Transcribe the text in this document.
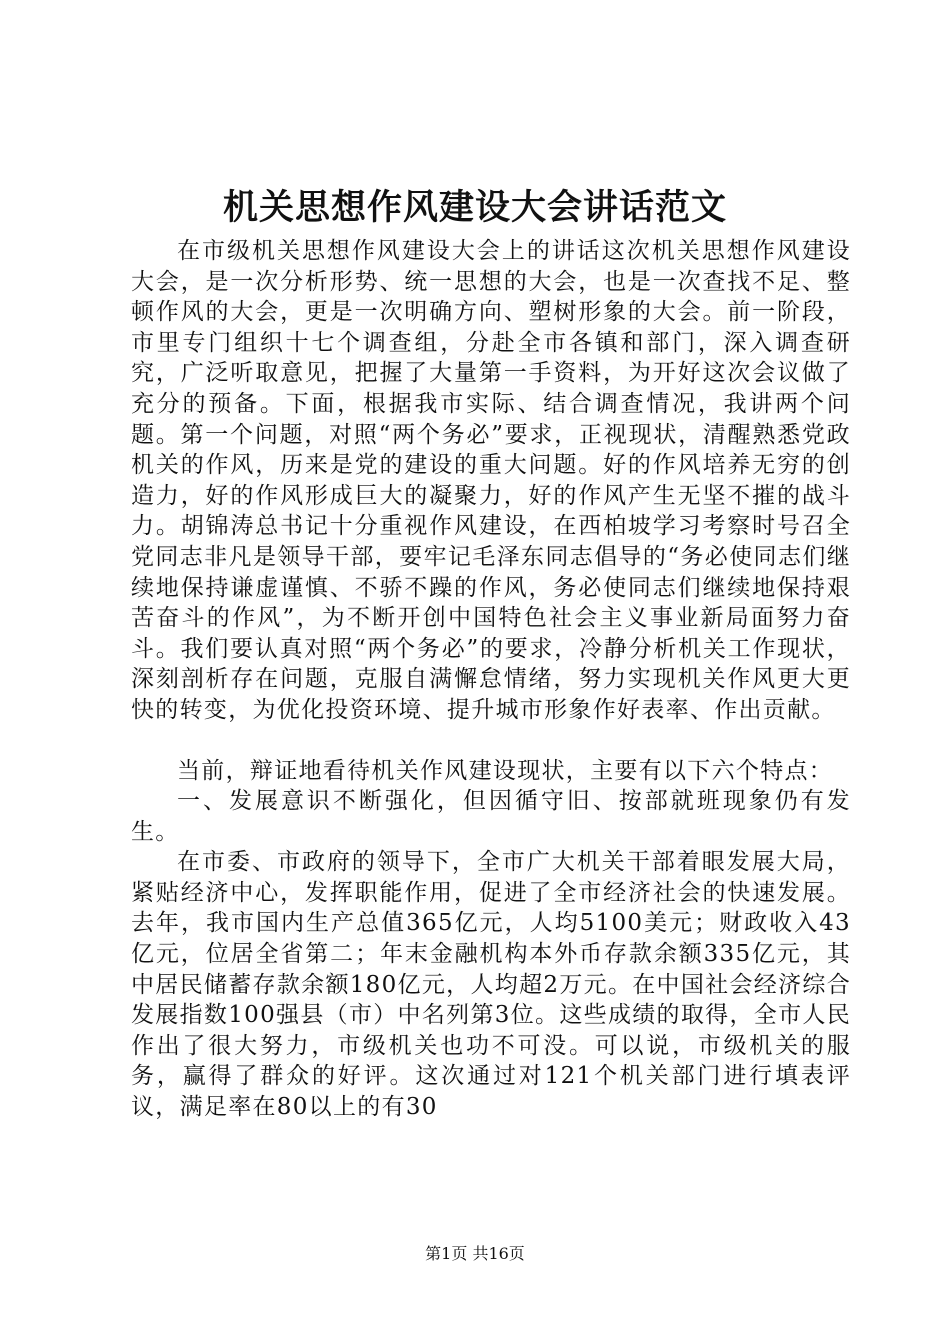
机关思想作风建设大会讲话范文

在市级机关思想作风建设大会上的讲话这次机关思想作风建设大会，是一次分析形势、统一思想的大会，也是一次查找不足、整顿作风的大会，更是一次明确方向、塑树形象的大会。前一阶段，市里专门组织十七个调查组，分赴全市各镇和部门，深入调查研究，广泛听取意见，把握了大量第一手资料，为开好这次会议做了充分的预备。下面，根据我市实际、结合调查情况，我讲两个问题。第一个问题，对照“两个务必”要求，正视现状，清醒熟悉党政机关的作风，历来是党的建设的重大问题。好的作风培养无穷的创造力，好的作风形成巨大的凝聚力，好的作风产生无坚不摧的战斗力。胡锦涛总书记十分重视作风建设，在西柏坡学习考察时号召全党同志非凡是领导干部，要牢记毛泽东同志倡导的“务必使同志们继续地保持谦虚谨慎、不骄不躁的作风，务必使同志们继续地保持艰苦奋斗的作风”，为不断开创中国特色社会主义事业新局面努力奋斗。我们要认真对照“两个务必”的要求，冷静分析机关工作现状，深刻剖析存在问题，克服自满懈怠情绪，努力实现机关作风更大更快的转变，为优化投资环境、提升城市形象作好表率、作出贡献。

当前，辩证地看待机关作风建设现状，主要有以下六个特点：

一、发展意识不断强化，但因循守旧、按部就班现象仍有发生。

在市委、市政府的领导下，全市广大机关干部着眼发展大局，紧贴经济中心，发挥职能作用，促进了全市经济社会的快速发展。去年，我市国内生产总值365亿元，人均5100美元；财政收入43亿元，位居全省第二；年末金融机构本外币存款余额335亿元，其中居民储蓄存款余额180亿元，人均超2万元。在中国社会经济综合发展指数100强县（市）中名列第3位。这些成绩的取得，全市人民作出了很大努力，市级机关也功不可没。可以说，市级机关的服务，赢得了群众的好评。这次通过对121个机关部门进行填表评议，满足率在80以上的有30

第1页 共16页
